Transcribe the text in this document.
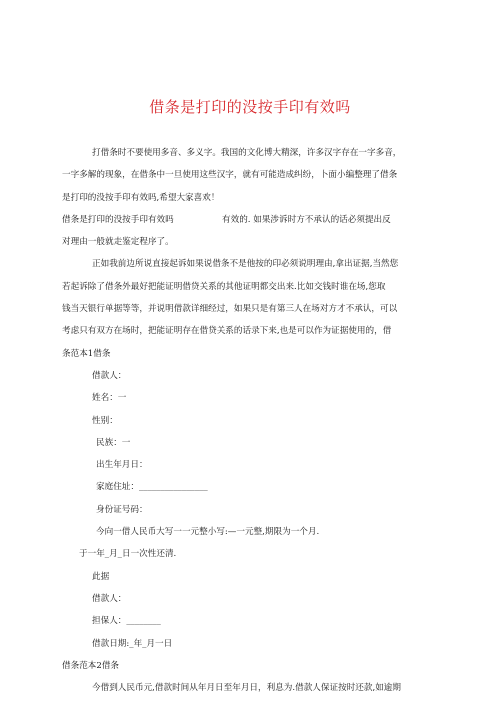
借条是打印的没按手印有效吗
打借条时不要使用多音、多义字。我国的文化博大精深，许多汉字存在一字多音，
一字多解的现象，在借条中一旦使用这些汉字，就有可能造成纠纷，卜面小编整理了借条
是打印的没按手印有效吗,希望大家喜欢！
借条是打印的没按手印有效吗	有效的. 如果涉诉时方不承认的话必须提出反
对理由一般就走鉴定程序了。
正如我前边所说直接起诉如果说借条不是他按的印必须说明理由,拿出证据,当然您
若起诉除了借条外最好把能证明借贷关系的其他证明都交出来.比如交钱时谁在场,您取
钱当天银行单据等等，并说明借款详细经过，如果只是有第三人在场对方才不承认，可以
考虑只有双方在场时，把能证明存在借贷关系的话录下来,也是可以作为证据使用的，借
条范本1借条
借款人：
姓名：一
性别：
民族：一
出生年月日：
家庭住址：________________
身份证号码：
今向一借人民币大写一一元整小写:—一元整,期限为一个月.
于一年_月_日一次性还清.
此据
借款人：
担保人：________
借款日期:_年_月一日
借条范本2借条
今借到人民币元,借款时间从年月日至年月日，利息为.借款人保证按时还款,如逾期
